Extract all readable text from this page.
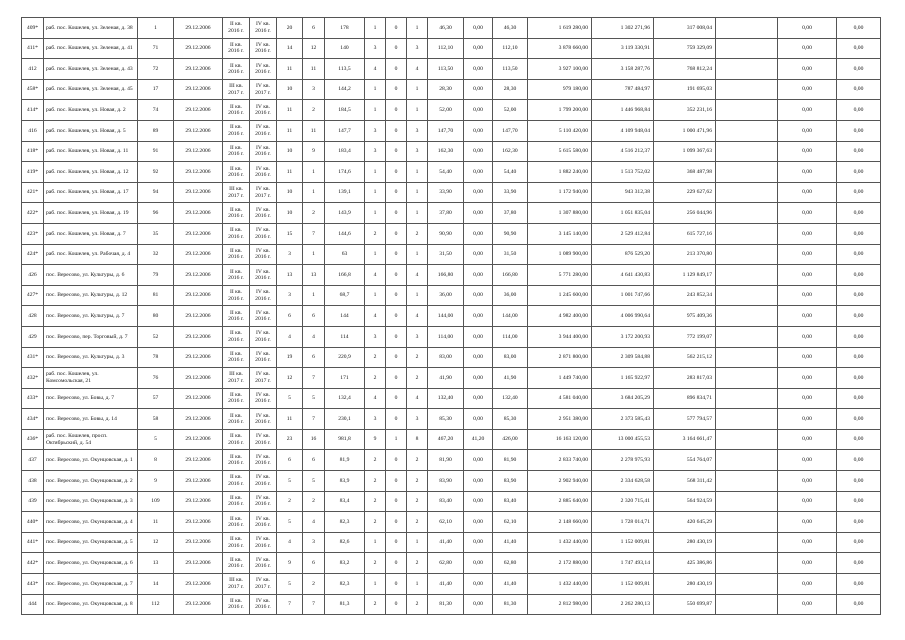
409*	раб. пос. Кошелев, ул. Зеленая, д. 38	1	29.12.2006	II кв. 2016 г.	IV кв. 2016 г.	20	6	178	1	0	1	46,30	0,00	46,30	1 619 280,00	1 302 271,96	317 008,04		0,00	0,00
411*	раб. пос. Кошелев, ул. Зеленая, д. 41	71	29.12.2006	II кв. 2016 г.	IV кв. 2016 г.	14	12	140	3	0	3	112,10	0,00	112,10	3 878 660,00	3 119 330,91	759 329,09		0,00	0,00
412	раб. пос. Кошелев, ул. Зеленая, д. 43	72	29.12.2006	II кв. 2016 г.	IV кв. 2016 г.	11	11	113,5	4	0	4	113,50	0,00	113,50	3 927 100,00	3 158 287,76	768 812,24		0,00	0,00
458*	раб. пос. Кошелев, ул. Зеленая, д. 45	17	29.12.2006	III кв. 2017 г.	IV кв. 2017 г.	10	3	144,2	1	0	1	28,30	0,00	28,30	979 180,00	787 484,97	191 695,03		0,00	0,00
414*	раб. пос. Кошелев, ул. Новая, д. 2	74	29.12.2006	II кв. 2016 г.	IV кв. 2016 г.	11	2	184,5	1	0	1	52,00	0,00	52,00	1 799 200,00	1 446 968,84	352 231,16		0,00	0,00
416	раб. пос. Кошелев, ул. Новая, д. 5	89	29.12.2006	II кв. 2016 г.	IV кв. 2016 г.	11	11	147,7	3	0	3	147,70	0,00	147,70	5 110 420,00	4 109 948,04	1 000 471,96		0,00	0,00
418*	раб. пос. Кошелев, ул. Новая, д. 11	91	29.12.2006	II кв. 2016 г.	IV кв. 2016 г.	10	9	183,4	3	0	3	162,30	0,00	162,30	5 615 580,00	4 516 212,37	1 099 367,63		0,00	0,00
419*	раб. пос. Кошелев, ул. Новая, д. 12	92	29.12.2006	II кв. 2016 г.	IV кв. 2016 г.	11	1	174,6	1	0	1	54,40	0,00	54,40	1 882 240,00	1 513 752,02	368 487,98		0,00	0,00
421*	раб. пос. Кошелев, ул. Новая, д. 17	94	29.12.2006	III кв. 2017 г.	IV кв. 2017 г.	10	1	139,1	1	0	1	33,90	0,00	33,90	1 172 940,00	943 312,38	229 627,62		0,00	0,00
422*	раб. пос. Кошелев, ул. Новая, д. 19	96	29.12.2006	II кв. 2016 г.	IV кв. 2016 г.	10	2	143,9	1	0	1	37,80	0,00	37,80	1 307 880,00	1 051 835,04	256 044,96		0,00	0,00
423*	раб. пос. Кошелев, ул. Новая, д. 7	35	29.12.2006	II кв. 2016 г.	IV кв. 2016 г.	15	7	144,6	2	0	2	90,90	0,00	90,90	3 145 140,00	2 529 412,84	615 727,16		0,00	0,00
424*	раб. пос. Кошелев, ул. Рабочая, д. 4	32	29.12.2006	II кв. 2016 г.	IV кв. 2016 г.	3	1	63	1	0	1	31,50	0,00	31,50	1 089 900,00	876 529,20	213 370,80		0,00	0,00
426	пос. Вересово, ул. Культуры, д. 6	79	29.12.2006	II кв. 2016 г.	IV кв. 2016 г.	13	13	166,8	4	0	4	166,80	0,00	166,80	5 771 280,00	4 641 430,83	1 129 849,17		0,00	0,00
427*	пос. Вересово, ул. Культуры, д. 12	81	29.12.2006	II кв. 2016 г.	IV кв. 2016 г.	3	1	68,7	1	0	1	36,00	0,00	36,00	1 245 600,00	1 001 747,66	243 852,34		0,00	0,00
428	пос. Вересово, ул. Культуры, д. 7	80	29.12.2006	II кв. 2016 г.	IV кв. 2016 г.	6	6	144	4	0	4	144,00	0,00	144,00	4 982 400,00	4 006 990,64	975 409,36		0,00	0,00
429	пос. Вересово, пер. Торговый, д. 7	52	29.12.2006	II кв. 2016 г.	IV кв. 2016 г.	4	4	114	3	0	3	114,00	0,00	114,00	3 944 400,00	3 172 200,93	772 199,07		0,00	0,00
431*	пос. Вересово, ул. Культуры, д. 3	78	29.12.2006	II кв. 2016 г.	IV кв. 2016 г.	19	6	220,9	2	0	2	83,00	0,00	83,00	2 871 800,00	2 309 584,88	562 215,12		0,00	0,00
432*	раб. пос. Кошелев, ул. Комсомольская, 21	76	29.12.2006	III кв. 2017 г.	IV кв. 2017 г.	12	7	171	2	0	2	41,90	0,00	41,90	1 449 740,00	1 165 922,97	283 817,03		0,00	0,00
433*	пос. Вересово, ул. Бовы, д. 7	57	29.12.2006	II кв. 2016 г.	IV кв. 2016 г.	5	5	132,4	4	0	4	132,40	0,00	132,40	4 581 040,00	3 684 205,29	896 834,71		0,00	0,00
434*	пос. Вересово, ул. Бовы, д. 14	58	29.12.2006	II кв. 2016 г.	IV кв. 2016 г.	11	7	230,1	3	0	3	85,30	0,00	85,30	2 951 380,00	2 373 585,43	577 794,57		0,00	0,00
436*	раб. пос. Кошелев, просп. Октябрьский, д. 54	5	29.12.2006	II кв. 2016 г.	IV кв. 2016 г.	23	16	981,8	9	1	8	467,20	41,20	426,00	16 163 120,00	13 000 455,53	3 164 661,47		0,00	0,00
437	пос. Вересово, ул. Окунцовская, д. 1	8	29.12.2006	II кв. 2016 г.	IV кв. 2016 г.	6	6	81,9	2	0	2	81,90	0,00	81,90	2 833 740,00	2 278 975,93	554 764,07		0,00	0,00
438	пос. Вересово, ул. Окунцовская, д. 2	9	29.12.2006	II кв. 2016 г.	IV кв. 2016 г.	5	5	83,9	2	0	2	83,90	0,00	83,90	2 902 940,00	2 334 628,58	568 311,42		0,00	0,00
439	пос. Вересово, ул. Окунцовская, д. 3	109	29.12.2006	II кв. 2016 г.	IV кв. 2016 г.	2	2	83,4	2	0	2	83,40	0,00	83,40	2 885 640,00	2 320 715,41	564 924,59		0,00	0,00
440*	пос. Вересово, ул. Окунцовская, д. 4	11	29.12.2006	II кв. 2016 г.	IV кв. 2016 г.	5	4	82,3	2	0	2	62,10	0,00	62,10	2 148 660,00	1 728 014,71	420 645,29		0,00	0,00
441*	пос. Вересово, ул. Окунцовская, д. 5	12	29.12.2006	II кв. 2016 г.	IV кв. 2016 г.	4	3	82,6	1	0	1	41,40	0,00	41,40	1 432 440,00	1 152 009,81	280 430,19		0,00	0,00
442*	пос. Вересово, ул. Окунцовская, д. 6	13	29.12.2006	II кв. 2016 г.	IV кв. 2016 г.	9	6	83,2	2	0	2	62,80	0,00	62,80	2 172 880,00	1 747 493,14	425 386,86		0,00	0,00
443*	пос. Вересово, ул. Окунцовская, д. 7	14	29.12.2006	III кв. 2017 г.	IV кв. 2017 г.	5	2	82,3	1	0	1	41,40	0,00	41,40	1 432 440,00	1 152 009,81	280 430,19		0,00	0,00
444	пос. Вересово, ул. Окунцовская, д. 8	112	29.12.2006	II кв. 2016 г.	IV кв. 2016 г.	7	7	81,3	2	0	2	81,30	0,00	81,30	2 812 980,00	2 262 280,13	550 699,87		0,00	0,00
